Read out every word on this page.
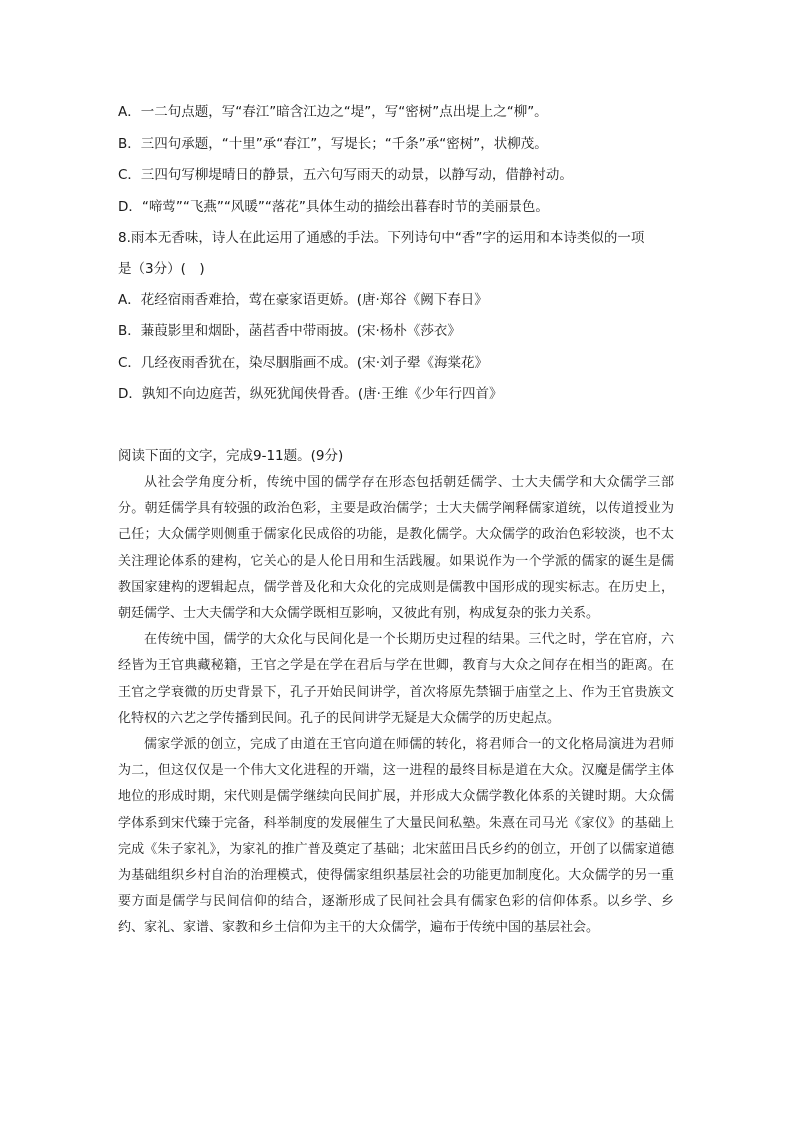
A．一二句点题，写“春江”暗含江边之“堤”，写“密树”点出堤上之“柳”。
B．三四句承题，“十里”承“春江”，写堤长；“千条”承“密树”，状柳茂。
C．三四句写柳堤晴日的静景，五六句写雨天的动景，以静写动，借静衬动。
D．“啼莺”“飞燕”“风暖”“落花”具体生动的描绘出暮春时节的美丽景色。
8.雨本无香味，诗人在此运用了通感的手法。下列诗句中“香”字的运用和本诗类似的一项
是（3分）(　)
A．花经宿雨香难拾，莺在豪家语更娇。(唐·郑谷《阙下春日》
B．蒹葭影里和烟卧，菡萏香中带雨披。(宋·杨朴《莎衣》
C．几经夜雨香犹在，染尽胭脂画不成。(宋·刘子翚《海棠花》
D．孰知不向边庭苦，纵死犹闻侠骨香。(唐·王维《少年行四首》
阅读下面的文字，完成9-11题。(9分)

从社会学角度分析，传统中国的儒学存在形态包括朝廷儒学、士大夫儒学和大众儒学三部分。朝廷儒学具有较强的政治色彩，主要是政治儒学；士大夫儒学阐释儒家道统，以传道授业为己任；大众儒学则侧重于儒家化民成俗的功能，是教化儒学。大众儒学的政治色彩较淡，也不太关注理论体系的建构，它关心的是人伦日用和生活践履。如果说作为一个学派的儒家的诞生是儒教国家建构的逻辑起点，儒学普及化和大众化的完成则是儒教中国形成的现实标志。在历史上，朝廷儒学、士大夫儒学和大众儒学既相互影响，又彼此有别，构成复杂的张力关系。

在传统中国，儒学的大众化与民间化是一个长期历史过程的结果。三代之时，学在官府，六经皆为王官典藏秘籍，王官之学是在学在君后与学在世卿，教育与大众之间存在相当的距离。在王官之学衰微的历史背景下，孔子开始民间讲学，首次将原先禁锢于庙堂之上、作为王官贵族文化特权的六艺之学传播到民间。孔子的民间讲学无疑是大众儒学的历史起点。

儒家学派的创立，完成了由道在王官向道在师儒的转化，将君师合一的文化格局演进为君师为二，但这仅仅是一个伟大文化进程的开端，这一进程的最终目标是道在大众。汉魔是儒学主体地位的形成时期，宋代则是儒学继续向民间扩展，并形成大众儒学教化体系的关键时期。大众儒学体系到宋代臻于完备，科举制度的发展催生了大量民间私塾。朱熹在司马光《家仪》的基础上完成《朱子家礼》，为家礼的推广普及奠定了基础；北宋蓝田吕氏乡约的创立，开创了以儒家道德为基础组织乡村自治的治理模式，使得儒家组织基层社会的功能更加制度化。大众儒学的另一重要方面是儒学与民间信仰的结合，逐渐形成了民间社会具有儒家色彩的信仰体系。以乡学、乡约、家礼、家谱、家教和乡土信仰为主干的大众儒学，遍布于传统中国的基层社会。
